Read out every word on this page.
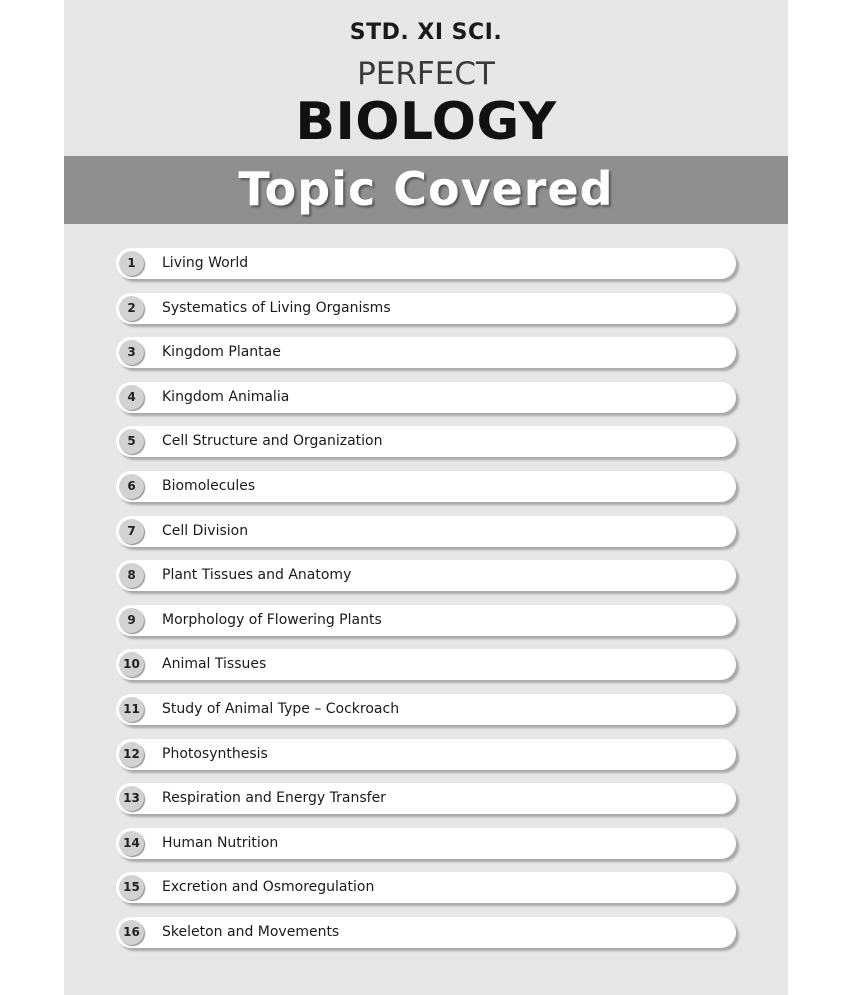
STD. XI SCI.
PERFECT
BIOLOGY
Topic Covered
1	Living World
2	Systematics of Living Organisms
3	Kingdom Plantae
4	Kingdom Animalia
5	Cell Structure and Organization
6	Biomolecules
7	Cell Division
8	Plant Tissues and Anatomy
9	Morphology of Flowering Plants
10 Animal Tissues
11 Study of Animal Type – Cockroach
12 Photosynthesis
13 Respiration and Energy Transfer
14 Human Nutrition
15 Excretion and Osmoregulation
16 Skeleton and Movements
